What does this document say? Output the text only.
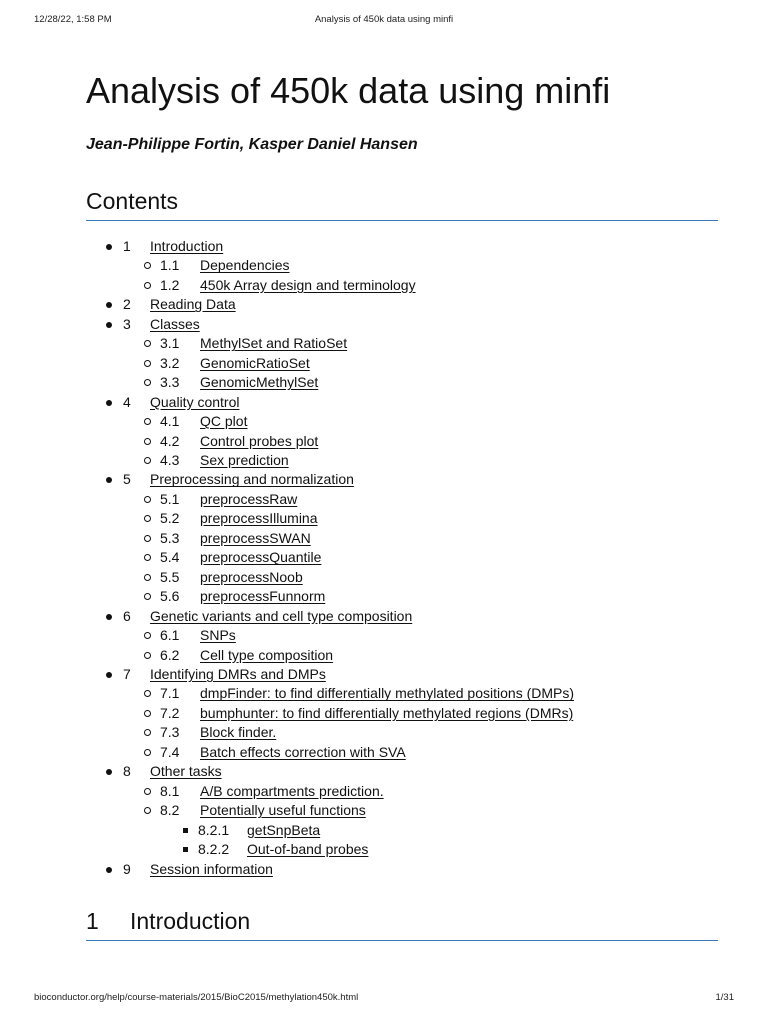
12/28/22, 1:58 PM	Analysis of 450k data using minfi
Analysis of 450k data using minfi
Jean-Philippe Fortin, Kasper Daniel Hansen
Contents
1 Introduction
1.1 Dependencies
1.2 450k Array design and terminology
2 Reading Data
3 Classes
3.1 MethylSet and RatioSet
3.2 GenomicRatioSet
3.3 GenomicMethylSet
4 Quality control
4.1 QC plot
4.2 Control probes plot
4.3 Sex prediction
5 Preprocessing and normalization
5.1 preprocessRaw
5.2 preprocessIllumina
5.3 preprocessSWAN
5.4 preprocessQuantile
5.5 preprocessNoob
5.6 preprocessFunnorm
6 Genetic variants and cell type composition
6.1 SNPs
6.2 Cell type composition
7 Identifying DMRs and DMPs
7.1 dmpFinder: to find differentially methylated positions (DMPs)
7.2 bumphunter: to find differentially methylated regions (DMRs)
7.3 Block finder.
7.4 Batch effects correction with SVA
8 Other tasks
8.1 A/B compartments prediction.
8.2 Potentially useful functions
8.2.1 getSnpBeta
8.2.2 Out-of-band probes
9 Session information
1 Introduction
bioconductor.org/help/course-materials/2015/BioC2015/methylation450k.html	1/31
